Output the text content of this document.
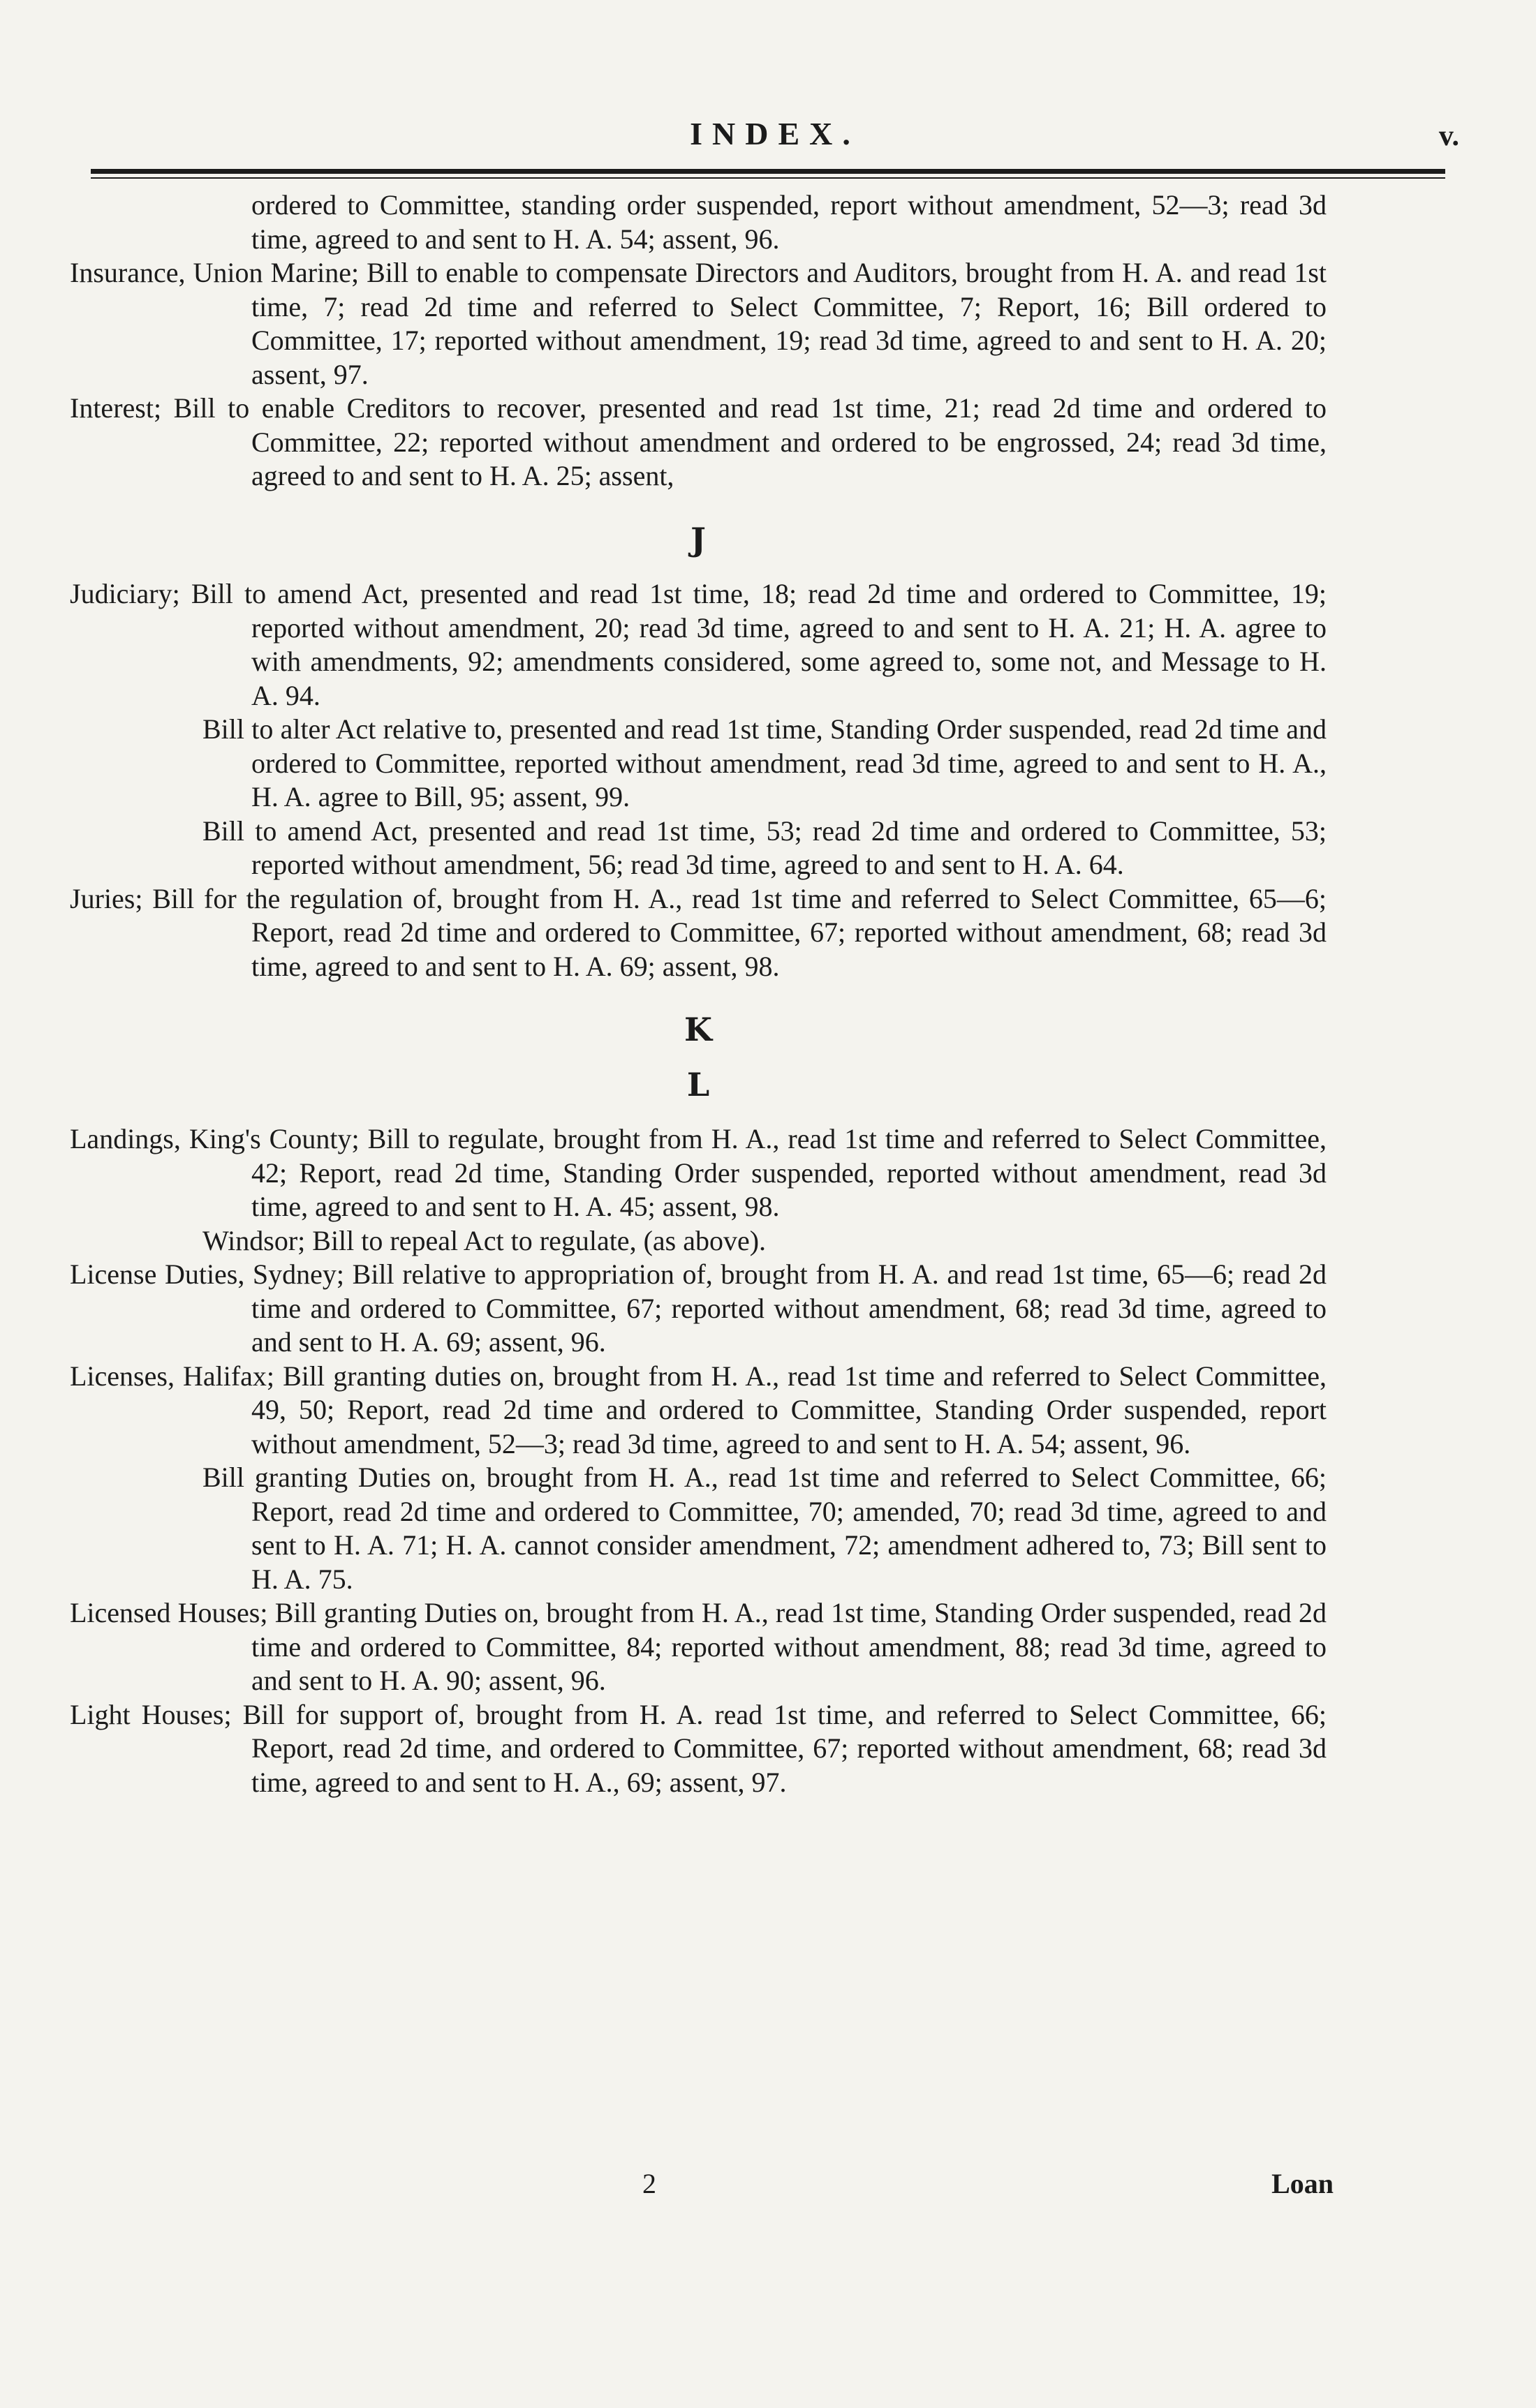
INDEX.	v.

ordered to Committee, standing order suspended, report without amendment, 52—3; read 3d time, agreed to and sent to H. A. 54; assent, 96.

Insurance, Union Marine; Bill to enable to compensate Directors and Auditors, brought from H. A. and read 1st time, 7; read 2d time and referred to Select Committee, 7; Report, 16; Bill ordered to Committee, 17; reported without amendment, 19; read 3d time, agreed to and sent to H. A. 20; assent, 97.

Interest; Bill to enable Creditors to recover, presented and read 1st time, 21; read 2d time and ordered to Committee, 22; reported without amendment and ordered to be engrossed, 24; read 3d time, agreed to and sent to H. A. 25; assent,

J

Judiciary; Bill to amend Act, presented and read 1st time, 18; read 2d time and ordered to Committee, 19; reported without amendment, 20; read 3d time, agreed to and sent to H. A. 21; H. A. agree to with amendments, 92; amendments considered, some agreed to, some not, and Message to H. A. 94.

Bill to alter Act relative to, presented and read 1st time, Standing Order suspended, read 2d time and ordered to Committee, reported without amendment, read 3d time, agreed to and sent to H. A., H. A. agree to Bill, 95; assent, 99.

Bill to amend Act, presented and read 1st time, 53; read 2d time and ordered to Committee, 53; reported without amendment, 56; read 3d time, agreed to and sent to H. A. 64.

Juries; Bill for the regulation of, brought from H. A., read 1st time and referred to Select Committee, 65—6; Report, read 2d time and ordered to Committee, 67; reported without amendment, 68; read 3d time, agreed to and sent to H. A. 69; assent, 98.

K

L

Landings, King's County; Bill to regulate, brought from H. A., read 1st time and referred to Select Committee, 42; Report, read 2d time, Standing Order suspended, reported without amendment, read 3d time, agreed to and sent to H. A. 45; assent, 98.

Windsor; Bill to repeal Act to regulate, (as above).

License Duties, Sydney; Bill relative to appropriation of, brought from H. A. and read 1st time, 65—6; read 2d time and ordered to Committee, 67; reported without amendment, 68; read 3d time, agreed to and sent to H. A. 69; assent, 96.

Licenses, Halifax; Bill granting duties on, brought from H. A., read 1st time and referred to Select Committee, 49, 50; Report, read 2d time and ordered to Committee, Standing Order suspended, report without amendment, 52—3; read 3d time, agreed to and sent to H. A. 54; assent, 96.

Bill granting Duties on, brought from H. A., read 1st time and referred to Select Committee, 66; Report, read 2d time and ordered to Committee, 70; amended, 70; read 3d time, agreed to and sent to H. A. 71; H. A. cannot consider amendment, 72; amendment adhered to, 73; Bill sent to H. A. 75.

Licensed Houses; Bill granting Duties on, brought from H. A., read 1st time, Standing Order suspended, read 2d time and ordered to Committee, 84; reported without amendment, 88; read 3d time, agreed to and sent to H. A. 90; assent, 96.

Light Houses; Bill for support of, brought from H. A. read 1st time, and referred to Select Committee, 66; Report, read 2d time, and ordered to Committee, 67; reported without amendment, 68; read 3d time, agreed to and sent to H. A., 69; assent, 97.

2	Loan
